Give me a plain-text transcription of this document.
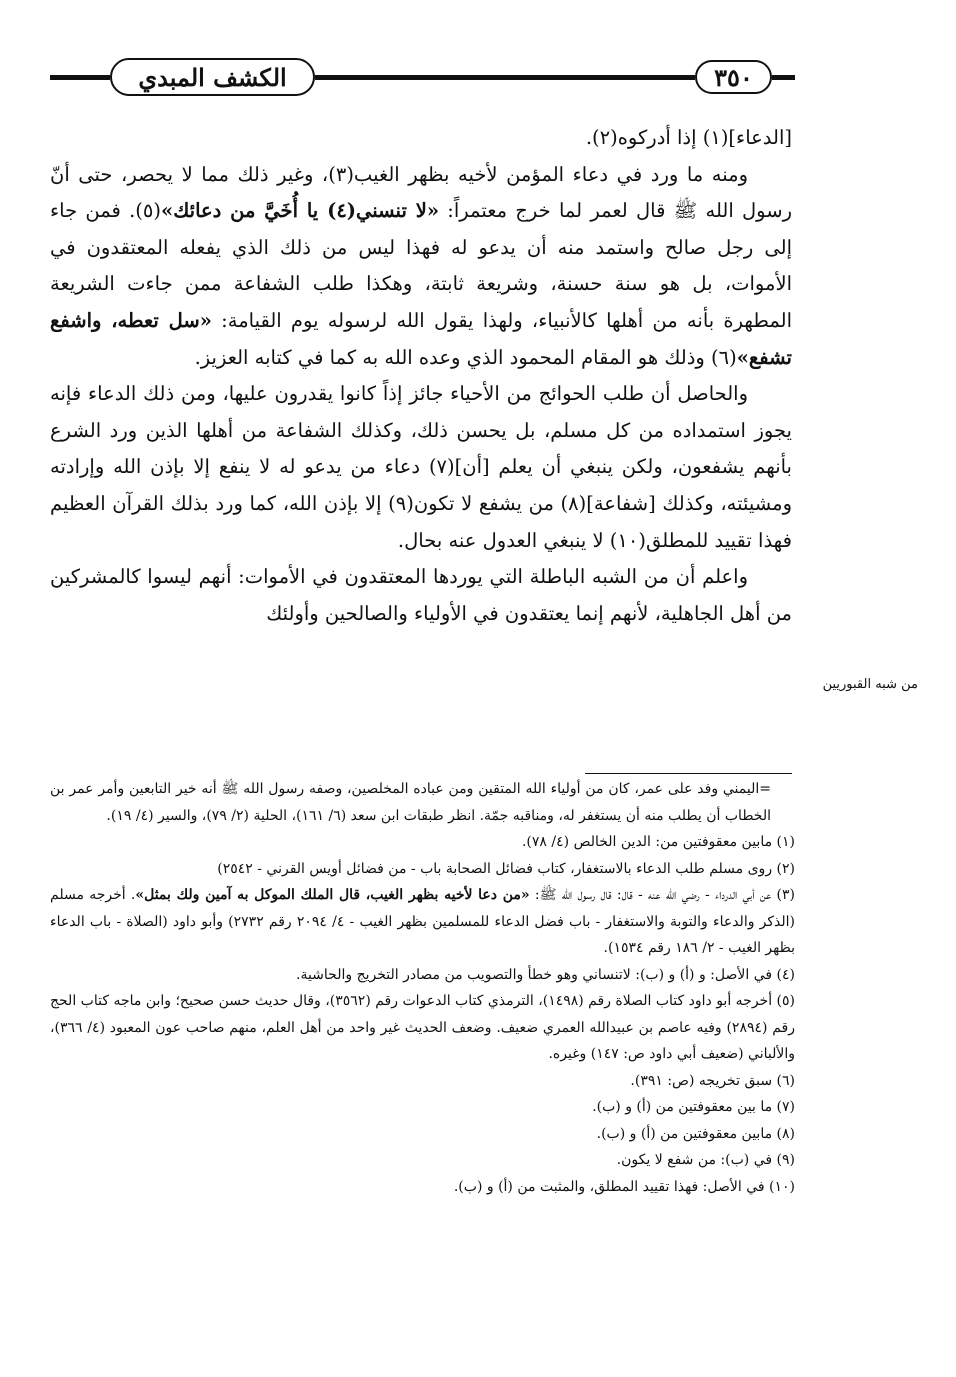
الكشف المبدي	٣٥٠

[الدعاء](١) إذا أدركوه(٢).

ومنه ما ورد في دعاء المؤمن لأخيه بظهر الغيب(٣)، وغير ذلك مما لا يحصر، حتى أنّ رسول الله ﷺ قال لعمر لما خرج معتمراً: «لا تنسني(٤) يا أُخَيَّ من دعائك»(٥). فمن جاء إلى رجل صالح واستمد منه أن يدعو له فهذا ليس من ذلك الذي يفعله المعتقدون في الأموات، بل هو سنة حسنة، وشريعة ثابتة، وهكذا طلب الشفاعة ممن جاءت الشريعة المطهرة بأنه من أهلها كالأنبياء، ولهذا يقول الله لرسوله يوم القيامة: «سل تعطه، واشفع تشفع»(٦) وذلك هو المقام المحمود الذي وعده الله به كما في كتابه العزيز.

والحاصل أن طلب الحوائج من الأحياء جائز إذاً كانوا يقدرون عليها، ومن ذلك الدعاء فإنه يجوز استمداده من كل مسلم، بل يحسن ذلك، وكذلك الشفاعة من أهلها الذين ورد الشرع بأنهم يشفعون، ولكن ينبغي أن يعلم [أن](٧) دعاء من يدعو له لا ينفع إلا بإذن الله وإرادته ومشيئته، وكذلك [شفاعة](٨) من يشفع لا تكون(٩) إلا بإذن الله، كما ورد بذلك القرآن العظيم فهذا تقييد للمطلق(١٠) لا ينبغي العدول عنه بحال.

واعلم أن من الشبه الباطلة التي يوردها المعتقدون في الأموات: أنهم ليسوا كالمشركين من أهل الجاهلية، لأنهم إنما يعتقدون في الأولياء والصالحين وأولئك

من شبه القبوريين

=اليمني وفد على عمر، كان من أولياء الله المتقين ومن عباده المخلصين، وصفه رسول الله ﷺ أنه خير التابعين وأمر عمر بن الخطاب أن يطلب منه أن يستغفر له، ومناقبه جمّة. انظر طبقات ابن سعد (٦/ ١٦١)، الحلية (٢/ ٧٩)، والسير (٤/ ١٩).

(١) مابين معقوفتين من: الدين الخالص (٤/ ٧٨).

(٢) روى مسلم طلب الدعاء بالاستغفار، كتاب فضائل الصحابة باب - من فضائل أويس القرني - ٢٥٤٢)

(٣) عن أبي الدرداء - رضي الله عنه - قال: قال رسول الله ﷺ: «من دعا لأخيه بظهر الغيب، قال الملك الموكل به آمين ولك بمثل». أخرجه مسلم (الذكر والدعاء والتوبة والاستغفار - باب فضل الدعاء للمسلمين بظهر الغيب - ٤/ ٢٠٩٤ رقم ٢٧٣٢) وأبو داود (الصلاة - باب الدعاء بظهر الغيب - ٢/ ١٨٦ رقم ١٥٣٤).

(٤) في الأصل: و (أ) و (ب): لاتنساني وهو خطأ والتصويب من مصادر التخريج والحاشية.

(٥) أخرجه أبو داود كتاب الصلاة رقم (١٤٩٨)، الترمذي كتاب الدعوات رقم (٣٥٦٢)، وقال حديث حسن صحيح؛ وابن ماجه كتاب الحج رقم (٢٨٩٤) وفيه عاصم بن عبيدالله العمري ضعيف. وضعف الحديث غير واحد من أهل العلم، منهم صاحب عون المعبود (٤/ ٣٦٦)، والألباني (ضعيف أبي داود ص: ١٤٧) وغيره.

(٦) سبق تخريجه (ص: ٣٩١).

(٧) ما بين معقوفتين من (أ) و (ب).

(٨) مابين معقوفتين من (أ) و (ب).

(٩) في (ب): من شفع لا يكون.

(١٠) في الأصل: فهذا تقييد المطلق، والمثبت من (أ) و (ب).
